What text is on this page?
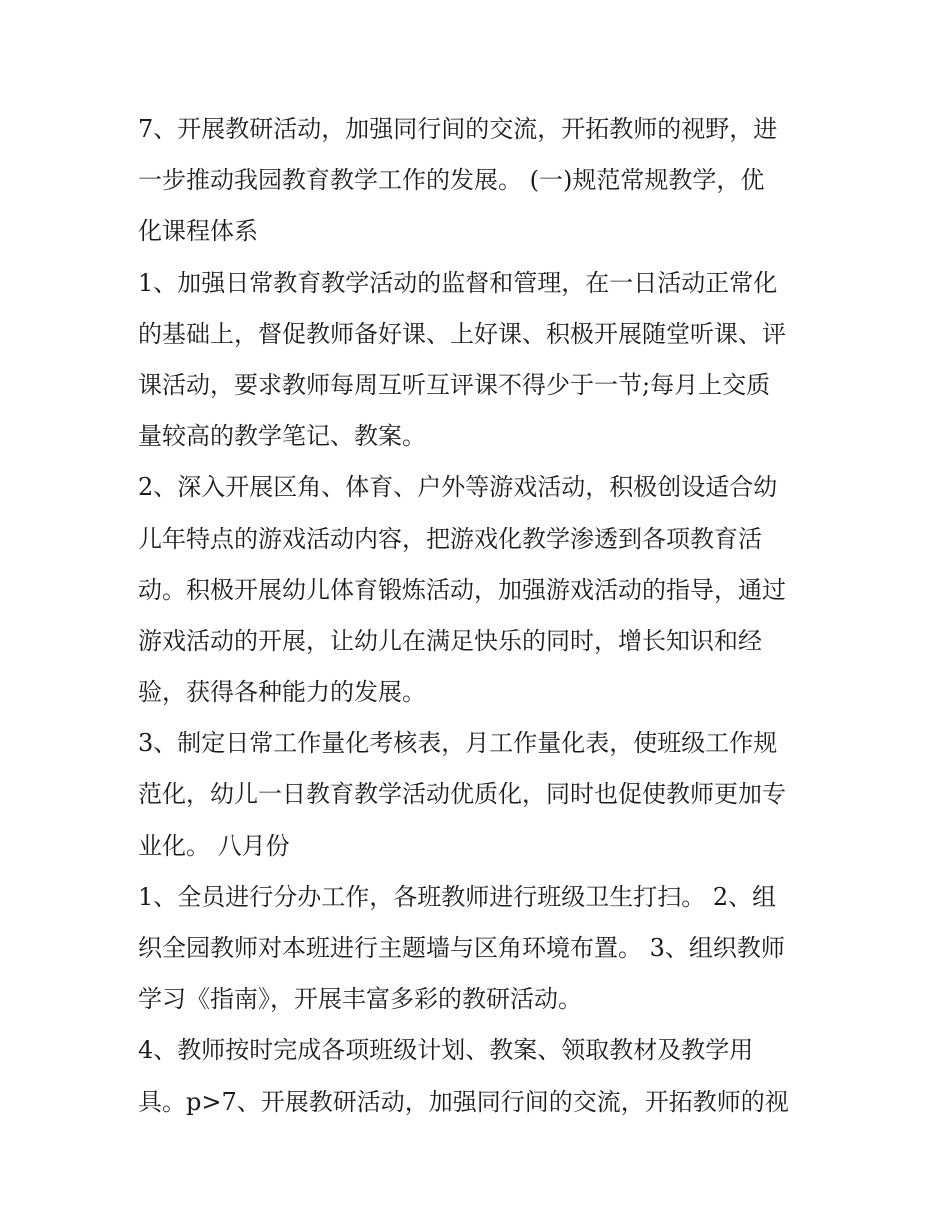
7、开展教研活动，加强同行间的交流，开拓教师的视野，进
一步推动我园教育教学工作的发展。 (一)规范常规教学，优
化课程体系
1、加强日常教育教学活动的监督和管理，在一日活动正常化
的基础上，督促教师备好课、上好课、积极开展随堂听课、评
课活动，要求教师每周互听互评课不得少于一节;每月上交质
量较高的教学笔记、教案。
2、深入开展区角、体育、户外等游戏活动，积极创设适合幼
儿年特点的游戏活动内容，把游戏化教学渗透到各项教育活
动。积极开展幼儿体育锻炼活动，加强游戏活动的指导，通过
游戏活动的开展，让幼儿在满足快乐的同时，增长知识和经
验，获得各种能力的发展。
3、制定日常工作量化考核表，月工作量化表，使班级工作规
范化，幼儿一日教育教学活动优质化，同时也促使教师更加专
业化。 八月份
1、全员进行分办工作，各班教师进行班级卫生打扫。 2、组
织全园教师对本班进行主题墙与区角环境布置。 3、组织教师
学习《指南》，开展丰富多彩的教研活动。
4、教师按时完成各项班级计划、教案、领取教材及教学用
具。p>7、开展教研活动，加强同行间的交流，开拓教师的视
